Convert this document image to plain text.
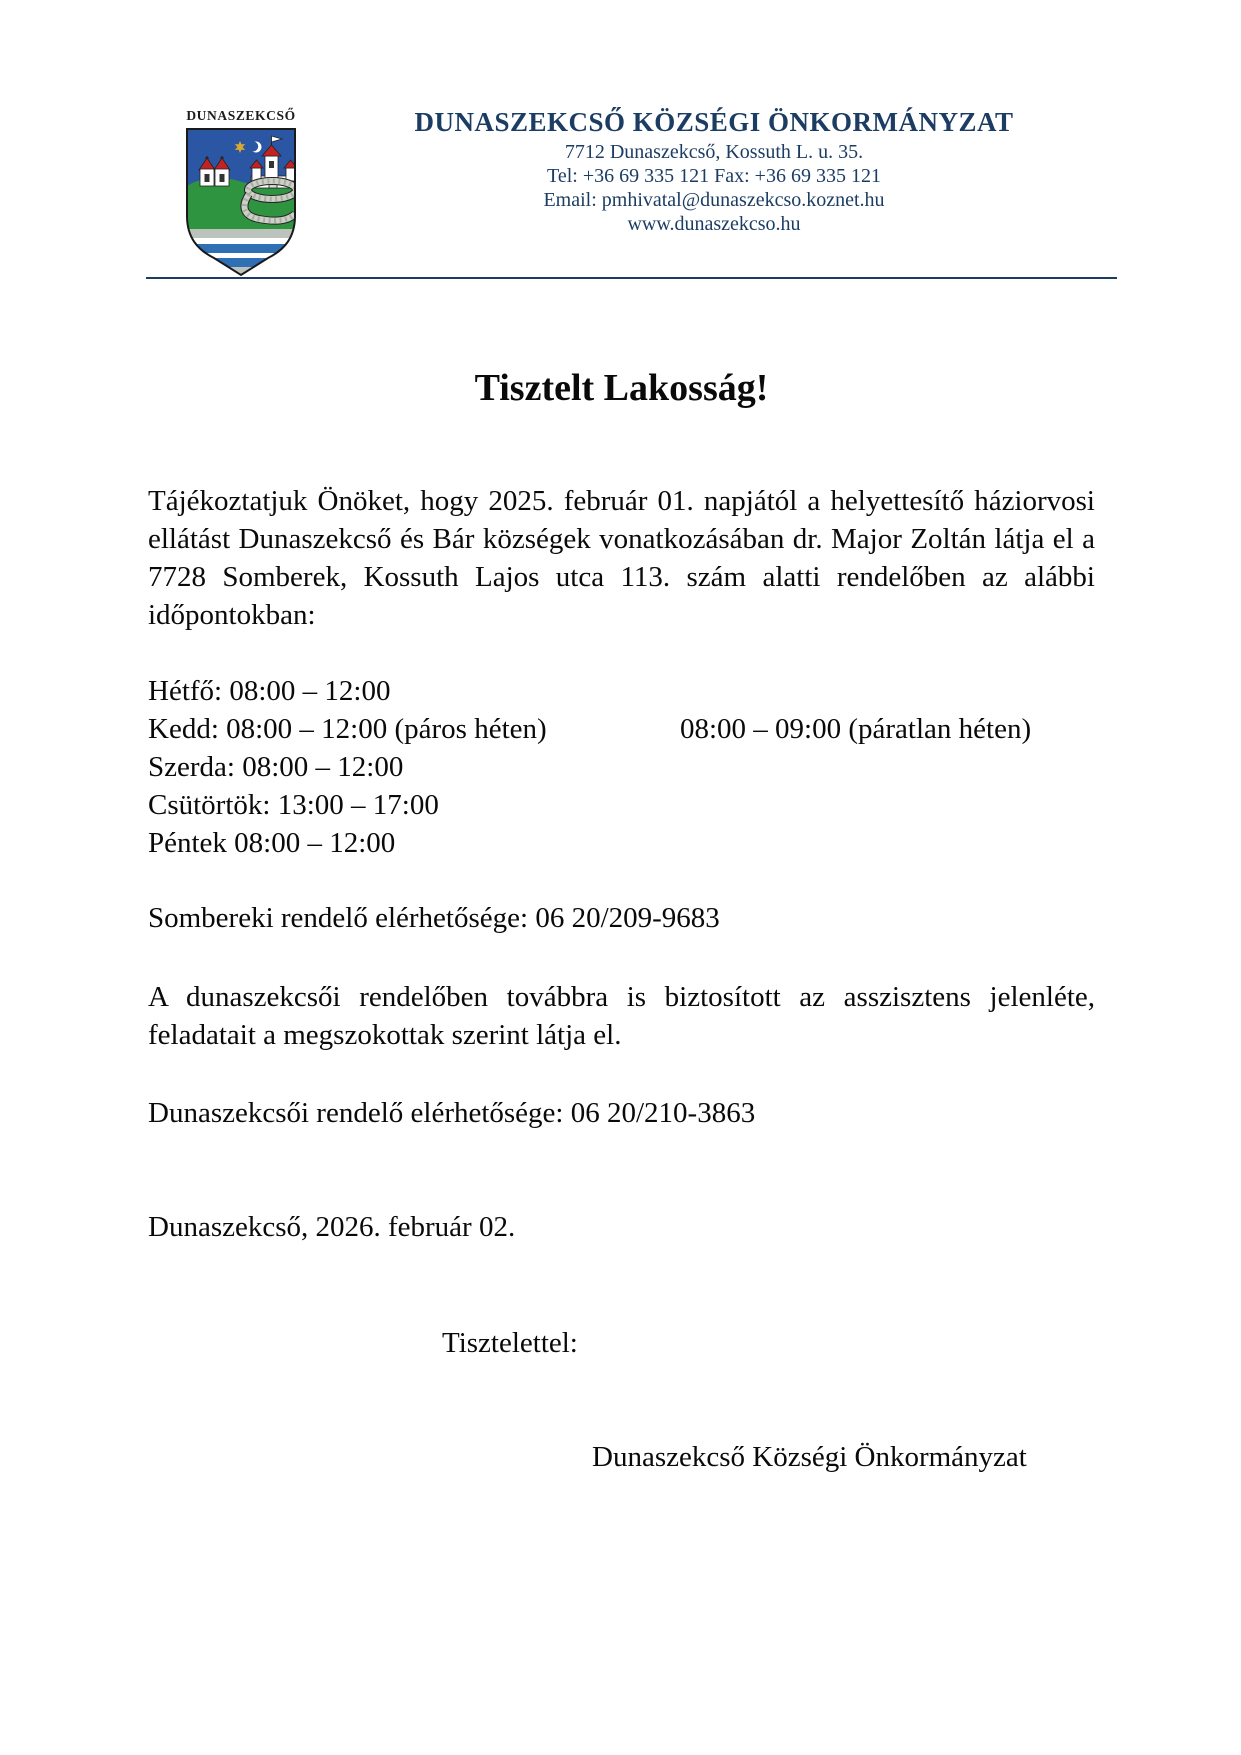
DUNASZEKCSŐ	DUNASZEKCSŐ KÖZSÉGI ÖNKORMÁNYZAT
7712 Dunaszekcső, Kossuth L. u. 35.
Tel: +36 69 335 121 Fax: +36 69 335 121
Email: pmhivatal@dunaszekcso.koznet.hu
www.dunaszekcso.hu
Tisztelt Lakosság!

Tájékoztatjuk Önöket, hogy 2025. február 01. napjától a helyettesítő háziorvosi ellátást Dunaszekcső és Bár községek vonatkozásában dr. Major Zoltán látja el a 7728 Somberek, Kossuth Lajos utca 113. szám alatti rendelőben az alábbi időpontokban:

Hétfő: 08:00 – 12:00
Kedd: 08:00 – 12:00 (páros héten)	08:00 – 09:00 (páratlan héten)
Szerda: 08:00 – 12:00
Csütörtök: 13:00 – 17:00
Péntek 08:00 – 12:00

Sombereki rendelő elérhetősége: 06 20/209-9683

A dunaszekcsői rendelőben továbbra is biztosított az asszisztens jelenléte, feladatait a megszokottak szerint látja el.

Dunaszekcsői rendelő elérhetősége: 06 20/210-3863

Dunaszekcső, 2026. február 02.

Tisztelettel:

Dunaszekcső Községi Önkormányzat
